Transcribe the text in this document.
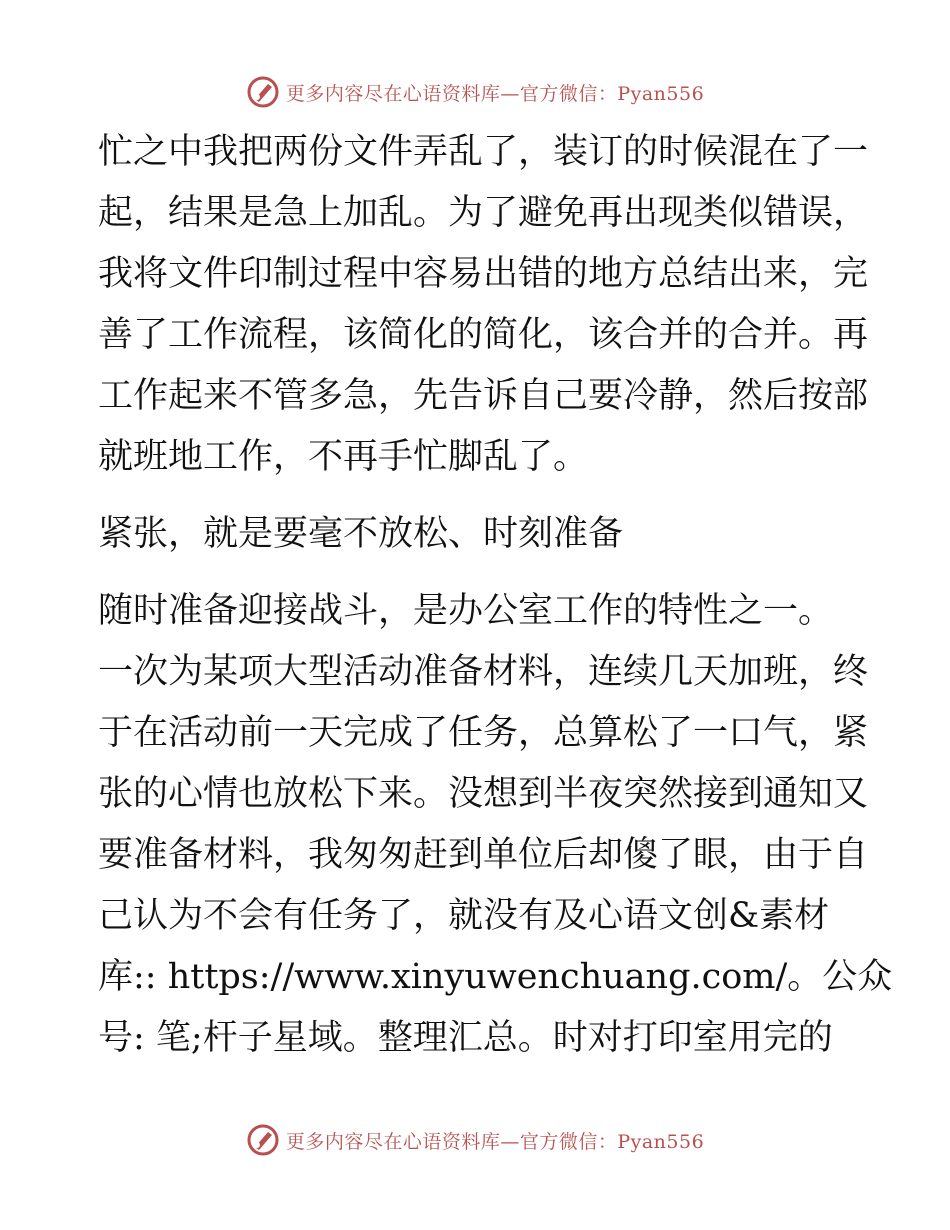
更多内容尽在心语资料库—官方微信：Pyan556
忙之中我把两份文件弄乱了，装订的时候混在了一
起，结果是急上加乱。为了避免再出现类似错误，
我将文件印制过程中容易出错的地方总结出来，完
善了工作流程，该简化的简化，该合并的合并。再
工作起来不管多急，先告诉自己要冷静，然后按部
就班地工作，不再手忙脚乱了。
紧张，就是要毫不放松、时刻准备
随时准备迎接战斗，是办公室工作的特性之一。
一次为某项大型活动准备材料，连续几天加班，终
于在活动前一天完成了任务，总算松了一口气，紧
张的心情也放松下来。没想到半夜突然接到通知又
要准备材料，我匆匆赶到单位后却傻了眼，由于自
己认为不会有任务了，就没有及心语文创&素材
库:: https://www.xinyuwenchuang.com/。公众
号: 笔;杆子星域。整理汇总。时对打印室用完的
更多内容尽在心语资料库—官方微信：Pyan556
